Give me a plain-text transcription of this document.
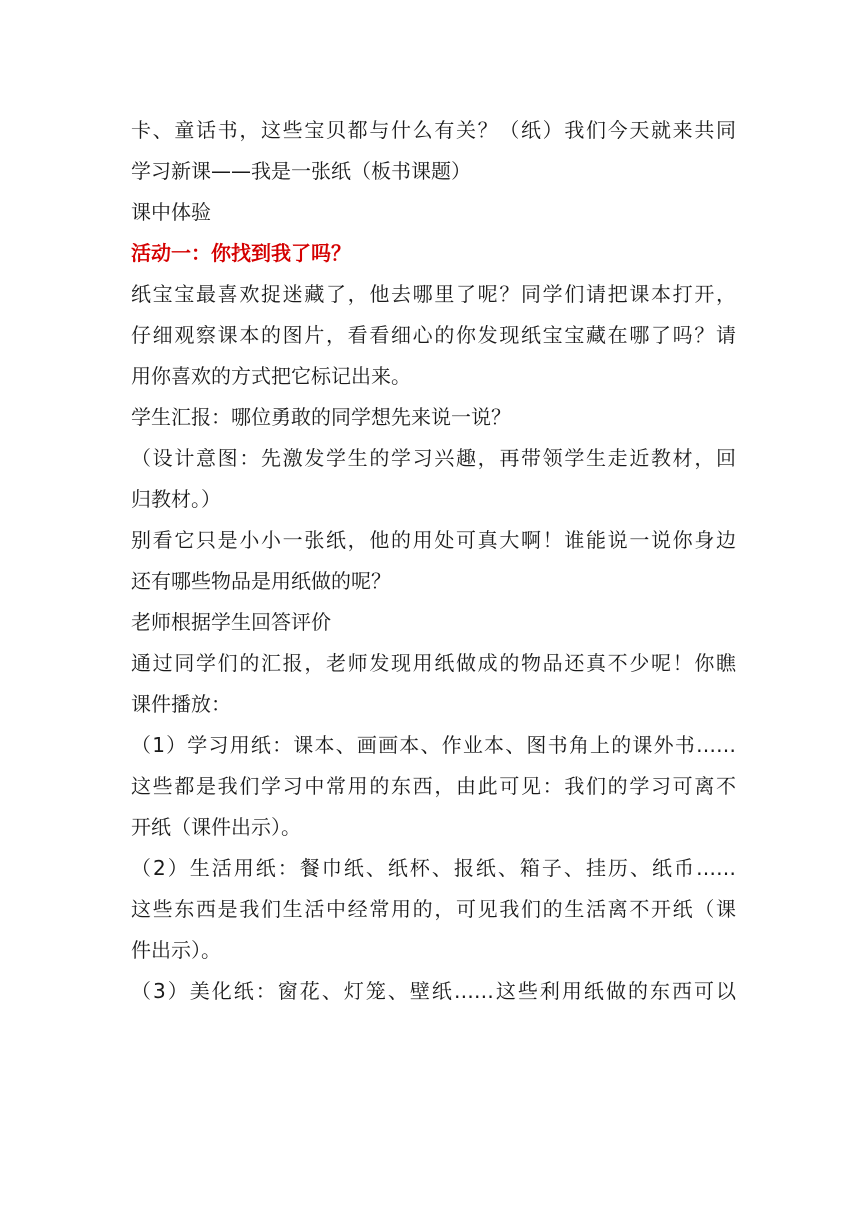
卡、童话书，这些宝贝都与什么有关？（纸）我们今天就来共同
学习新课——我是一张纸（板书课题）
课中体验
活动一：你找到我了吗？
纸宝宝最喜欢捉迷藏了，他去哪里了呢？同学们请把课本打开，
仔细观察课本的图片，看看细心的你发现纸宝宝藏在哪了吗？请
用你喜欢的方式把它标记出来。
学生汇报：哪位勇敢的同学想先来说一说？
（设计意图：先激发学生的学习兴趣，再带领学生走近教材，回
归教材。）
别看它只是小小一张纸，他的用处可真大啊！谁能说一说你身边
还有哪些物品是用纸做的呢？
老师根据学生回答评价
通过同学们的汇报，老师发现用纸做成的物品还真不少呢！你瞧
课件播放：
（1）学习用纸：课本、画画本、作业本、图书角上的课外书……
这些都是我们学习中常用的东西，由此可见：我们的学习可离不
开纸（课件出示）。
（2）生活用纸：餐巾纸、纸杯、报纸、箱子、挂历、纸币……
这些东西是我们生活中经常用的，可见我们的生活离不开纸（课
件出示）。
（3）美化纸：窗花、灯笼、壁纸……这些利用纸做的东西可以
